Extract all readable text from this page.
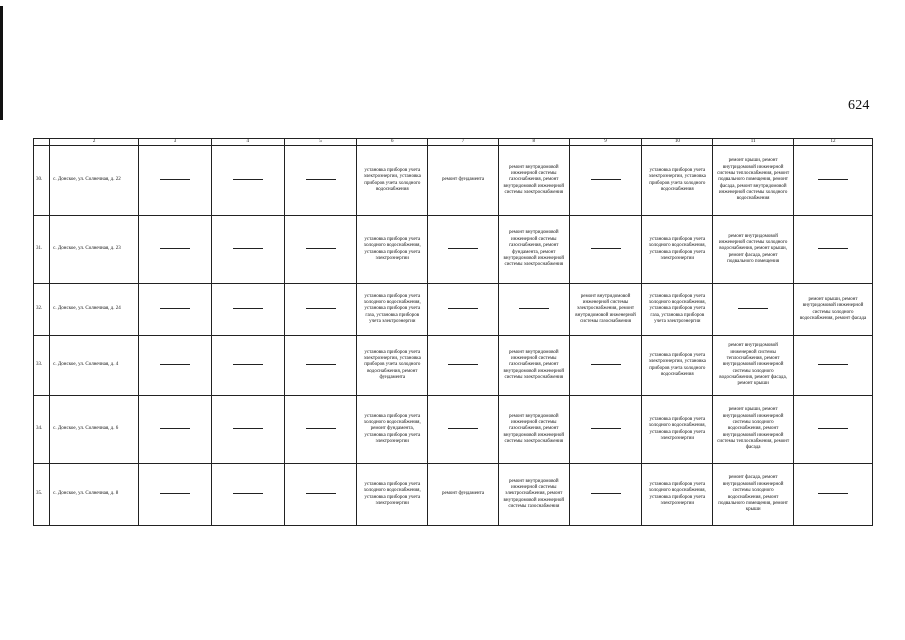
624
	2	3	4	5	6	7	8	9	10	11	12
30.	с. Донское, ул. Солнечная, д. 22				установка приборов учета электроэнергии, установка приборов учета холодного водоснабжения	ремонт фундамента	ремонт внутридомовой инженерной системы газоснабжения, ремонт внутридомовой инженерной системы электроснабжения		установка приборов учета электроэнергии, установка приборов учета холодного водоснабжения	ремонт крыши, ремонт внутридомовой инженерной системы теплоснабжения, ремонт подвального помещения, ремонт фасада, ремонт внутридомовой инженерной системы холодного водоснабжения	
31.	с. Донское, ул. Солнечная, д. 23				установка приборов учета холодного водоснабжения, установка приборов учета электроэнергии		ремонт внутридомовой инженерной системы газоснабжения, ремонт фундамента, ремонт внутридомовой инженерной системы электроснабжения		установка приборов учета холодного водоснабжения, установка приборов учета электроэнергии	ремонт внутридомовой инженерной системы холодного водоснабжения, ремонт крыши, ремонт фасада, ремонт подвального помещения	
32.	с. Донское, ул. Солнечная, д. 24				установка приборов учета холодного водоснабжения, установка приборов учета газа, установка приборов учета электроэнергии			ремонт внутридомовой инженерной системы электроснабжения, ремонт внутридомовой инженерной системы газоснабжения	установка приборов учета холодного водоснабжения, установка приборов учета газа, установка приборов учета электроэнергии		ремонт крыши, ремонт внутридомовой инженерной системы холодного водоснабжения, ремонт фасада
33.	с. Донское, ул. Солнечная, д. 4				установка приборов учета электроэнергии, установка приборов учета холодного водоснабжения, ремонт фундамента		ремонт внутридомовой инженерной системы газоснабжения, ремонт внутридомовой инженерной системы электроснабжения		установка приборов учета электроэнергии, установка приборов учета холодного водоснабжения	ремонт внутридомовой инженерной системы теплоснабжения, ремонт внутридомовой инженерной системы холодного водоснабжения, ремонт фасада, ремонт крыши	
34.	с. Донское, ул. Солнечная, д. 6				установка приборов учета холодного водоснабжения, ремонт фундамента, установка приборов учета электроэнергии		ремонт внутридомовой инженерной системы газоснабжения, ремонт внутридомовой инженерной системы электроснабжения		установка приборов учета холодного водоснабжения, установка приборов учета электроэнергии	ремонт крыши, ремонт внутридомовой инженерной системы холодного водоснабжения, ремонт внутридомовой инженерной системы теплоснабжения, ремонт фасада	
35.	с. Донское, ул. Солнечная, д. 8				установка приборов учета холодного водоснабжения, установка приборов учета электроэнергии	ремонт фундамента	ремонт внутридомовой инженерной системы электроснабжения, ремонт внутридомовой инженерной системы газоснабжения		установка приборов учета холодного водоснабжения, установка приборов учета электроэнергии	ремонт фасада, ремонт внутридомовой инженерной системы холодного водоснабжения, ремонт подвального помещения, ремонт крыши	
